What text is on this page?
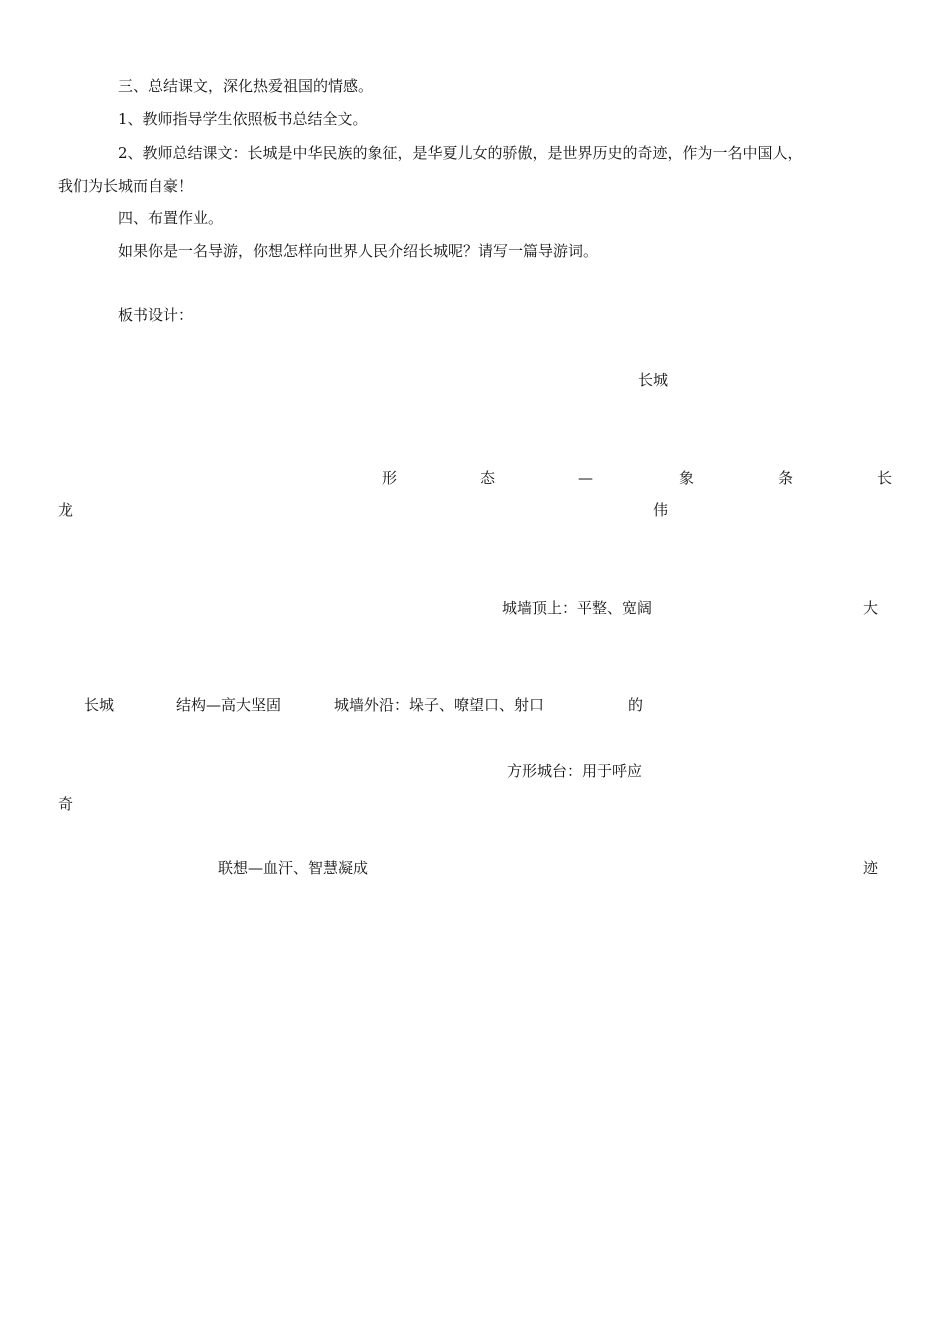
三、总结课文，深化热爱祖国的情感。
1、教师指导学生依照板书总结全文。
2、教师总结课文：长城是中华民族的象征，是华夏儿女的骄傲，是世界历史的奇迹，作为一名中国人，
我们为长城而自豪！
四、布置作业。
如果你是一名导游，你想怎样向世界人民介绍长城呢？请写一篇导游词。
板书设计：
长城
形	态	—	象	条	长
龙	伟
城墙顶上：平整、宽阔	大
长城	结构—高大坚固	城墙外沿：垛子、嘹望口、射口	的
方形城台：用于呼应
奇
联想—血汗、智慧凝成	迹
